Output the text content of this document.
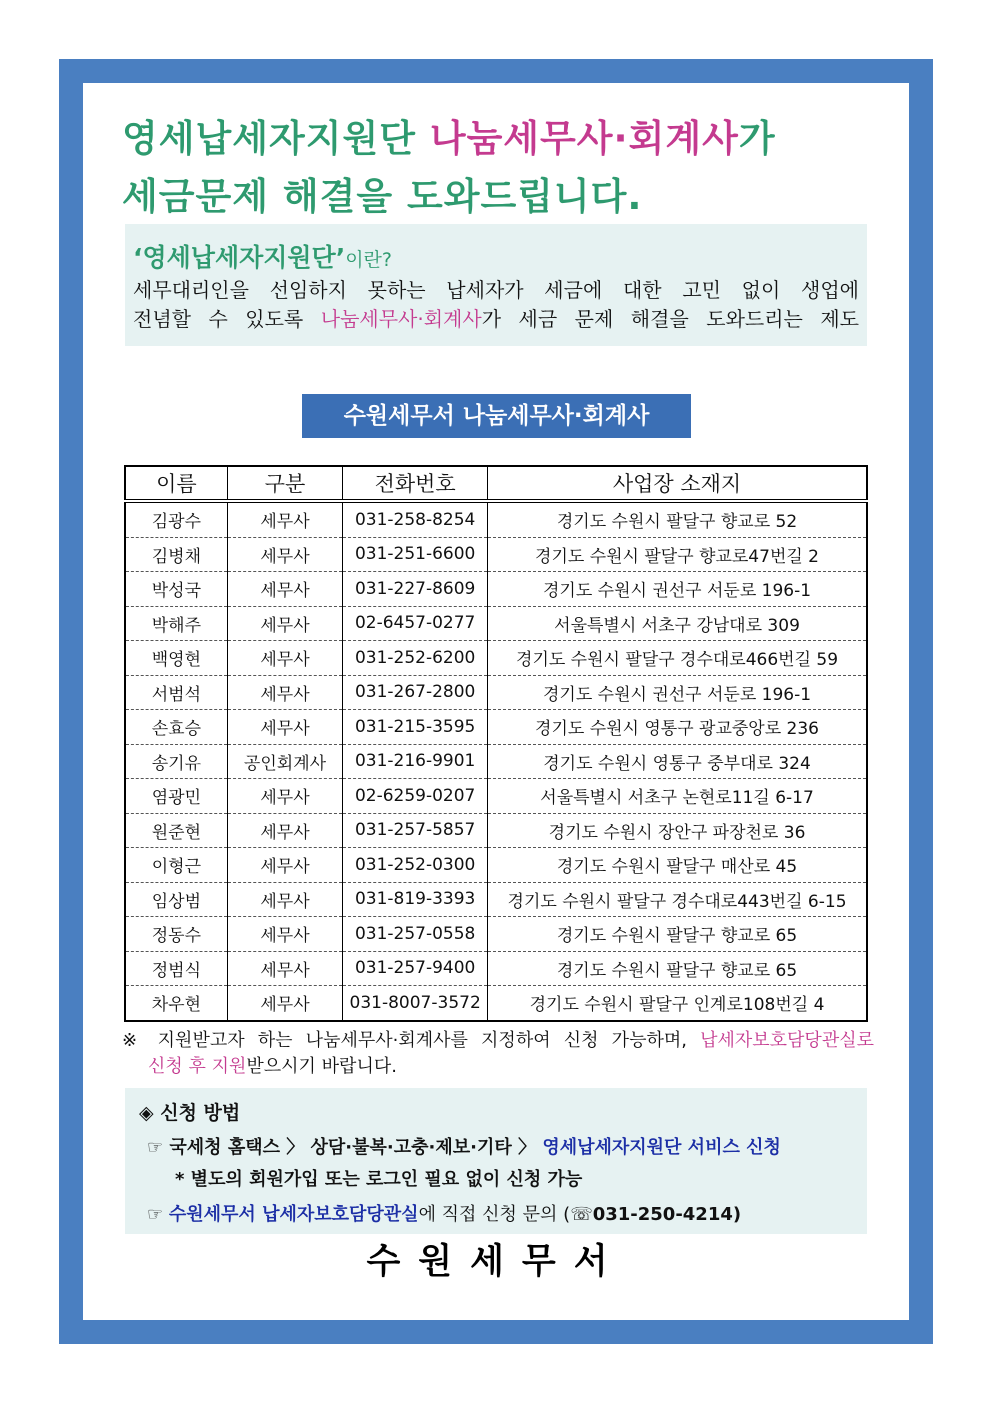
영세납세자지원단 나눔세무사·회계사가
세금문제 해결을 도와드립니다.
‘영세납세자지원단’이란?
세무대리인을 선임하지 못하는 납세자가 세금에 대한 고민 없이 생업에
전념할 수 있도록 나눔세무사·회계사가 세금 문제 해결을 도와드리는 제도
수원세무서 나눔세무사·회계사
이름	구분	전화번호	사업장 소재지
김광수	세무사	031-258-8254	경기도 수원시 팔달구 향교로 52
김병채	세무사	031-251-6600	경기도 수원시 팔달구 향교로47번길 2
박성국	세무사	031-227-8609	경기도 수원시 권선구 서둔로 196-1
박해주	세무사	02-6457-0277	서울특별시 서초구 강남대로 309
백영현	세무사	031-252-6200	경기도 수원시 팔달구 경수대로466번길 59
서범석	세무사	031-267-2800	경기도 수원시 권선구 서둔로 196-1
손효승	세무사	031-215-3595	경기도 수원시 영통구 광교중앙로 236
송기유	공인회계사	031-216-9901	경기도 수원시 영통구 중부대로 324
염광민	세무사	02-6259-0207	서울특별시 서초구 논현로11길 6-17
원준현	세무사	031-257-5857	경기도 수원시 장안구 파장천로 36
이형근	세무사	031-252-0300	경기도 수원시 팔달구 매산로 45
임상범	세무사	031-819-3393	경기도 수원시 팔달구 경수대로443번길 6-15
정동수	세무사	031-257-0558	경기도 수원시 팔달구 향교로 65
정범식	세무사	031-257-9400	경기도 수원시 팔달구 향교로 65
차우현	세무사	031-8007-3572	경기도 수원시 팔달구 인계로108번길 4
※ 지원받고자 하는 나눔세무사·회계사를 지정하여 신청 가능하며, 납세자보호담당관실로
신청 후 지원받으시기 바랍니다.
◈ 신청 방법
☞ 국세청 홈택스 〉 상담·불복·고충·제보·기타 〉 영세납세자지원단 서비스 신청
* 별도의 회원가입 또는 로그인 필요 없이 신청 가능
☞ 수원세무서 납세자보호담당관실에 직접 신청 문의 (☏031-250-4214)
수원세무서
